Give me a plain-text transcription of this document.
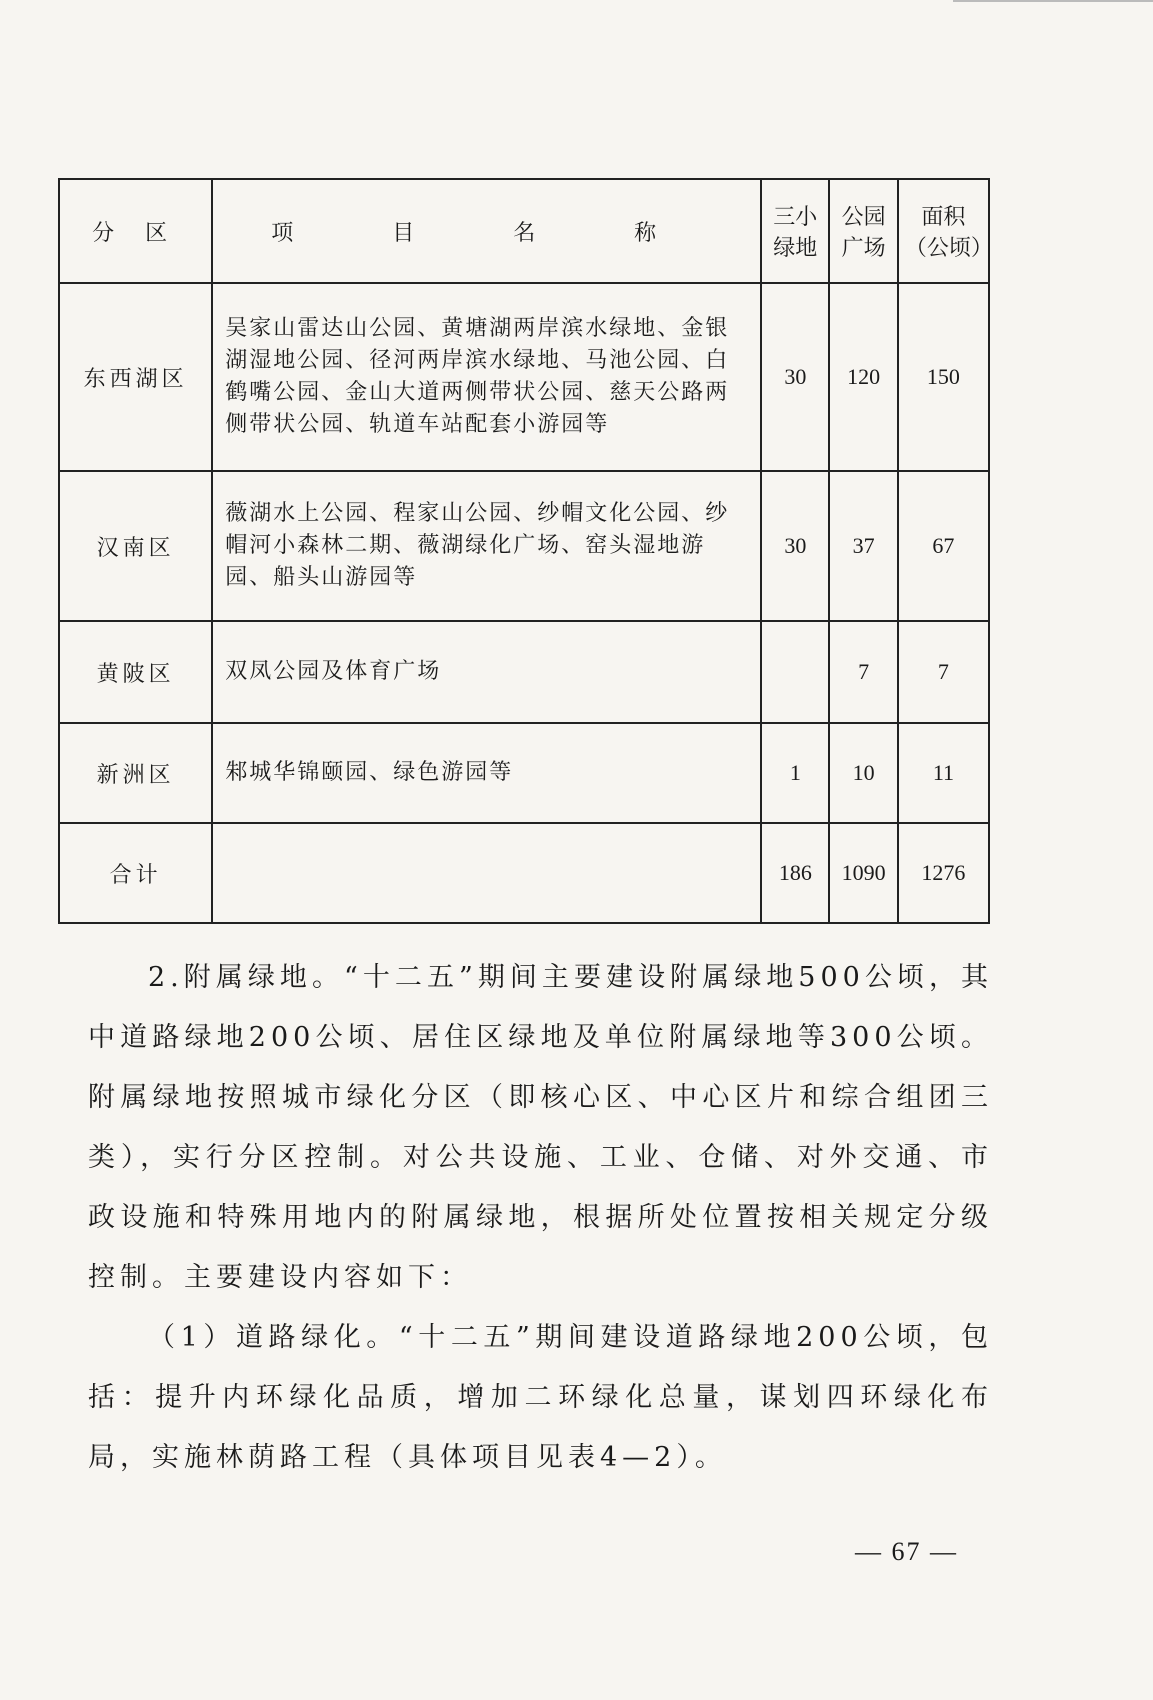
分 区	项 目 名 称	三小绿地	公园广场	面积（公顷）
东西湖区	吴家山雷达山公园、黄塘湖两岸滨水绿地、金银湖湿地公园、径河两岸滨水绿地、马池公园、白鹤嘴公园、金山大道两侧带状公园、慈天公路两侧带状公园、轨道车站配套小游园等	30	120	150
汉南区	薇湖水上公园、程家山公园、纱帽文化公园、纱帽河小森林二期、薇湖绿化广场、窑头湿地游园、船头山游园等	30	37	67
黄陂区	双凤公园及体育广场		7	7
新洲区	邾城华锦颐园、绿色游园等	1	10	11
合计		186	1090	1276

2.附属绿地。“十二五”期间主要建设附属绿地500公顷，其中道路绿地200公顷、居住区绿地及单位附属绿地等300公顷。附属绿地按照城市绿化分区（即核心区、中心区片和综合组团三类），实行分区控制。对公共设施、工业、仓储、对外交通、市政设施和特殊用地内的附属绿地，根据所处位置按相关规定分级控制。主要建设内容如下：

（1）道路绿化。“十二五”期间建设道路绿地200公顷，包括：提升内环绿化品质，增加二环绿化总量，谋划四环绿化布局，实施林荫路工程（具体项目见表4—2）。

— 67 —
